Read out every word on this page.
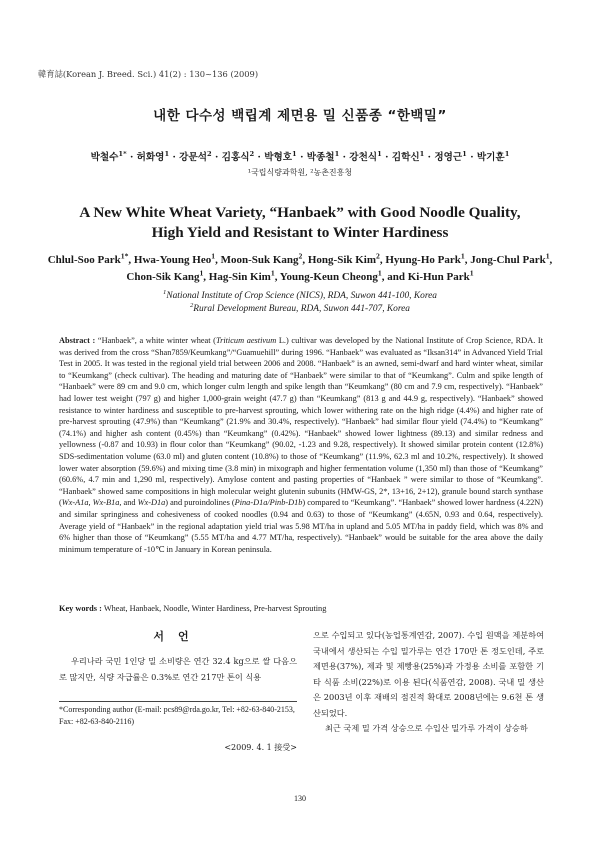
韓育誌(Korean J. Breed. Sci.) 41(2) : 130~136 (2009)
내한 다수성 백립계 제면용 밀 신품종 “한백밀”
박철수$^{1*}$ · 허화영$^1$ · 강문석$^2$ · 김홍식$^2$ · 박형호$^1$ · 박종철$^1$ · 강천식$^1$ · 김학신$^1$ · 정영근$^1$ · 박기훈$^1$
¹국립식량과학원, ²농촌진흥청
A New White Wheat Variety, “Hanbaek” with Good Noodle Quality,
High Yield and Resistant to Winter Hardiness
Chlul-Soo Park$^{1*}$, Hwa-Young Heo$^1$, Moon-Suk Kang$^2$, Hong-Sik Kim$^2$, Hyung-Ho Park$^1$, Jong-Chul Park$^1$,
Chon-Sik Kang$^1$, Hag-Sin Kim$^1$, Young-Keun Cheong$^1$, and Ki-Hun Park$^1$
$^1$National Institute of Crop Science (NICS), RDA, Suwon 441-100, Korea
$^2$Rural Development Bureau, RDA, Suwon 441-707, Korea
Abstract : “Hanbaek”, a white winter wheat (Triticum aestivum L.) cultivar was developed by the National Institute of Crop Science, RDA. It was derived from the cross “Shan7859/Keumkang”/“Guamuehill” during 1996. “Hanbaek” was evaluated as “Iksan314” in Advanced Yield Trial Test in 2005. It was tested in the regional yield trial between 2006 and 2008. “Hanbaek” is an awned, semi-dwarf and hard winter wheat, similar to “Keumkang” (check cultivar). The heading and maturing date of “Hanbaek” were similar to that of “Keumkang”. Culm and spike length of “Hanbaek” were 89 cm and 9.0 cm, which longer culm length and spike length than “Keumkang” (80 cm and 7.9 cm, respectively). “Hanbaek” had lower test weight (797 g) and higher 1,000-grain weight (47.7 g) than “Keumkang” (813 g and 44.9 g, respectively). “Hanbaek” showed resistance to winter hardiness and susceptible to pre-harvest sprouting, which lower withering rate on the high ridge (4.4%) and higher rate of pre-harvest sprouting (47.9%) than “Keumkang” (21.9% and 30.4%, respectively). “Hanbaek” had similar flour yield (74.4%) to “Keumkang” (74.1%) and higher ash content (0.45%) than “Keumkang” (0.42%). “Hanbaek” showed lower lightness (89.13) and similar redness and yellowness (-0.87 and 10.93) in flour color than “Keumkang” (90.02, -1.23 and 9.28, respectively). It showed similar protein content (12.8%) SDS-sedimentation volume (63.0 ml) and gluten content (10.8%) to those of “Keumkang” (11.9%, 62.3 ml and 10.2%, respectively). It showed lower water absorption (59.6%) and mixing time (3.8 min) in mixograph and higher fermentation volume (1,350 ml) than those of “Keumkang” (60.6%, 4.7 min and 1,290 ml, respectively). Amylose content and pasting properties of “Hanbaek ” were similar to those of “Keumkang”. “Hanbaek” showed same compositions in high molecular weight glutenin subunits (HMW-GS, 2*, 13+16, 2+12), granule bound starch synthase (Wx-A1a, Wx-B1a, and Wx-D1a) and puroindolines (Pina-D1a/Pinb-D1b) compared to “Keumkang”. “Hanbaek” showed lower hardness (4.22N) and similar springiness and cohesiveness of cooked noodles (0.94 and 0.63) to those of “Keumkang” (4.65N, 0.93 and 0.64, respectively). Average yield of “Hanbaek” in the regional adaptation yield trial was 5.98 MT/ha in upland and 5.05 MT/ha in paddy field, which was 8% and 6% higher than those of “Keumkang” (5.55 MT/ha and 4.77 MT/ha, respectively). “Hanbaek” would be suitable for the area above the daily minimum temperature of -10℃ in January in Korean peninsula.
Key words : Wheat, Hanbaek, Noodle, Winter Hardiness, Pre-harvest Sprouting
서언

우리나라 국민 1인당 밀 소비량은 연간 32.4 kg으로 쌀 다음으로 많지만, 식량 자급률은 0.3%로 연간 217만 톤이 식용

*Corresponding author (E-mail: pcs89@rda.go.kr, Tel: +82-63-840-2153, Fax: +82-63-840-2116)
<2009. 4. 1 接受>

으로 수입되고 있다(농업통계연감, 2007). 수입 원맥을 제분하여 국내에서 생산되는 수입 밀가루는 연간 170만 톤 정도인데, 주로 제면용(37%), 제과 및 제빵용(25%)과 가정용 소비를 포함한 기타 식품 소비(22%)로 이용 된다(식품연감, 2008). 국내 밀 생산은 2003년 이후 재배의 점진적 확대로 2008년에는 9.6천 톤 생산되었다.

최근 국제 밀 가격 상승으로 수입산 밀가루 가격이 상승하

130
